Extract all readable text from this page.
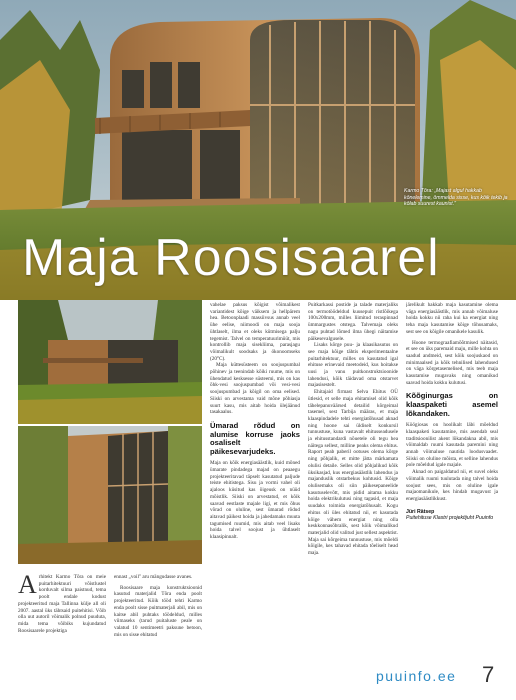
Karmo Tõra: „Majast algul hakkab kõnelemine, õmmelda sisse, kus kõik tekib ja kõlab suurest kaunist."
Maja Roosisaarel

Arhitekt Karmo Tõra on meie puitarhitektuuri võistlustel korduvalt silma paistnud, tema poolt endale kodust projekteeritud maja Tallinna külje all oli 2007. aastal üks tähtsaid puitehitisi. Võib olla uut autoril võimalik polnud puuduta, mida tema võibiks kujundatud Roosisaarelе projektiga

ennast „voil" aru mängudasse avanes.

Roosisaare maja konstruktsioonid kasutud materjalid Tõra enda poolt projekteeritud. Kõik tööd tehti Karmo enda poolt sisse puitmaterjali abil, mis on kaitse abil puhtaks töödeldud, milles viimaseks (tarud puitaluste peale on valatud 10 sentimeetri paksune betoon, mis on sisse ehitatud

vahelae paksus kõigist võimalikest variantidest kõige väiksem ja hellpärem hea. Betoonplaadi massiivsus annab veel ühe eelise, niimoodi on maja sooja ühtlaselt, ilma et oleks kütmisega palju tegemist. Talvel on temperatuurimüüt, mis kontrollib maja sisekliima, parasjagu võimalikult soodsaks ja ökonoomseks (20°C).

Maja küttesüsteem on soojuspumbal põhinev ja teenindab kõiki ruume, mis on ühendatud kesksesse süsteemi, mis on kas õhk-vesi soojuspumbad või vesi-vesi soojuspumbad ja kõigil on oma eelised. Siiski on arvestama vaid mõne põhiasja suurt kasu, mis aitab hoida ülejäänud tasakaalus.

Ümarad rõdud on alumise korruse jaoks osaliselt päikesevarjudeks.

Maja on kõik energiasäästlik, kuid mõned ümarate pindadega majad on peaaegu projekteeritavad täpselt kasutatud paljude teiste ehitistega. Sisu ja vormi vahel oli ajaloos küsitud kas õigeusk on nüüd mõistlik. Siiski on arvestatud, et kõik saavad eestlaste majale ligi, et mis õhus võrad on oluline, sest ümarad rõdud aitavad päikest hoida ja jahedamaks muuta tagumised ruumid, mis aitab veel lisaks hoida talvel soojust ja ühtlaselt klaasipinnalt.

Puitkarkassi postide ja talade materjaliks on termotöödeldud kuusepuit ristlõikega 100x200mm, milles liimitud teraspinnad ümmargustes otstega. Talvemaja oleks nagu puhtad lõmed ilma ühegi näitamise päikesevalgusele.

Lisaks kõrge puu- ja klaasikasutus on see maja kõige tähtis eksperimentaalne puitarhitektuur, milles on kasutatud igal ehituse erinevaid meetodeid, kus hoitakse uusi ja vanu puitkonstruktsioonide lahendusi, kõik täidavad oma otstarvet majasisestelt.

Ehitajaid firmast Selva Ehitus OÜ ütlesid, et selle maja ehitamisel olid kõik tähelepanuväärsed detailid kõrgeimal tasemel, sest Tarbija määras, et maja klaaspindadele tehti energiatõhusad aknad ning hoone sai üldiselt konkursil tunnustuse, kuna vastavalt ehitusseadusele ja ehitusstandardi nõuetele oli tegu hea näitega sellest, milline peaks olema ehitus. Raport peab paberil ootuses olema kõrge ning põhjalik, et mitte jätta märkamata olulisi detaile. Selles olid põhjalikud kõik üksikasjad, kus energiasäästlik lahendus ja majanduslik otstarbekus kohtusid. Kõige olulisemaks oli siin päikesepaneelide kasutuselevõtt, mis pidid aitama kokku hoida elektrikulutusi ning tagasid, et maja suudaks toimida energiatõhusalt. Kogu ehitus oli üles ehitatud nii, et kasutada kõige vähem energiat ning olla keskkonnasõbralik, sest kõik võimalikud materjalid olid valitud just sellest aspektist. Maja sai kõrgeima tunnustuse, mis mõeldi kõigile, kes tahavad ehitada tõeliselt head maja.

järelikult hakkab maja kasutamine olema väga energiasäästlik, mis annab võimaluse hoida kokku nii raha kui ka energiat ning teha maja kasutamise kõige tõhusamaks, sest see on kõigile omanikele kasulik.

Hoone termograafiamõõtmised näitasid, et see on üks paremaid maju, mille kohta on saadud andmeid, sest kõik soojuskaod on minimaalsed ja kõik tehnilised lahendused on väga kõrgetasemelised, mis teeb maja kasutamise mugavaks ning omanikud saavad hoida kokku kulutusi.

Kõõginurgas on klaaspaketi asemel lõkandaken.

Köögiosas on hoolikalt läbi mõeldud klaaspaketi kasutamine, mis asendab seal traditsioonilist akent lõkandakna abil, mis võimaldab ruumi kasutada paremini ning annab võimaluse nautida loodusvaadet. Siiski on oluline mõista, et selline lahendus pole mõeldud igale majale.

Aknad on paigaldatud nii, et suvel oleks võimalik ruumi tuulutada ning talvel hoida soojust sees, mis on oluline igale majaomanikule, kes hindab mugavust ja energiasäästlikkust.

Jüri Rätsep
Puitehituse Klastri projektijuht Puuinfo
puuinfo.ee 7
